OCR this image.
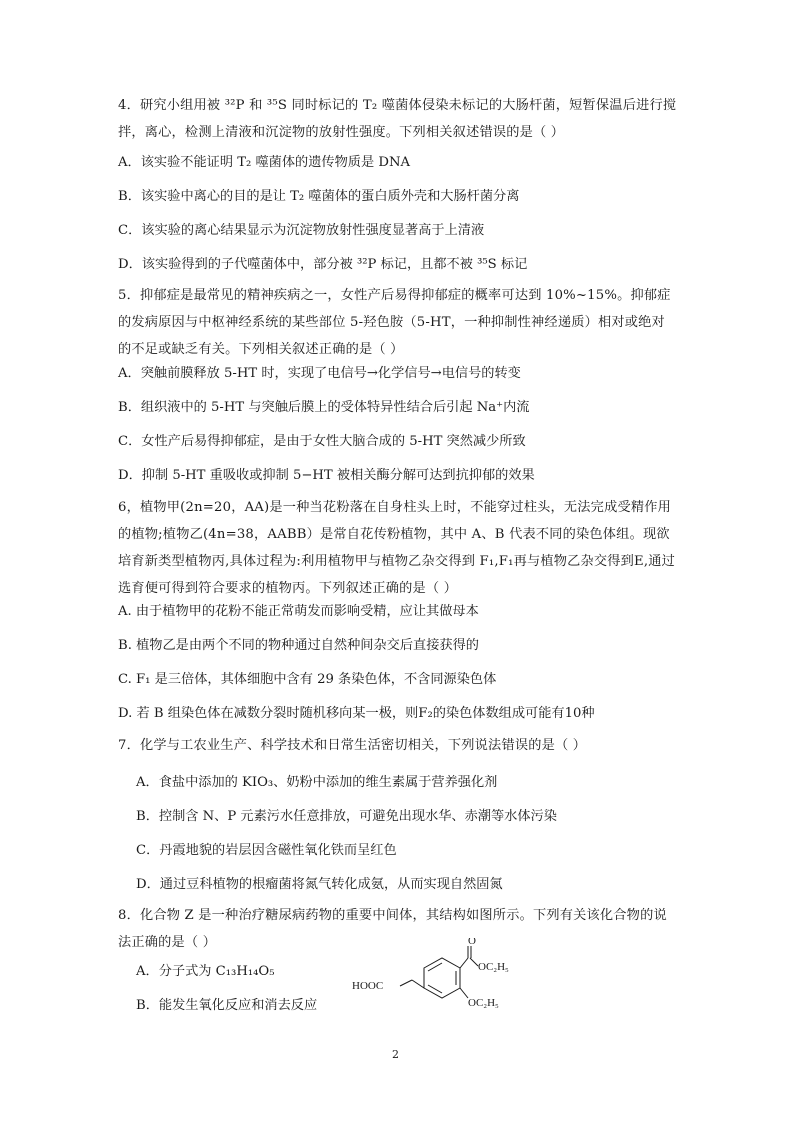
4．研究小组用被 ³²P 和 ³⁵S 同时标记的 T₂ 噬菌体侵染未标记的大肠杆菌，短暂保温后进行搅拌，离心，检测上清液和沉淀物的放射性强度。下列相关叙述错误的是（ ）
A．该实验不能证明 T₂ 噬菌体的遗传物质是 DNA
B．该实验中离心的目的是让 T₂ 噬菌体的蛋白质外壳和大肠杆菌分离
C．该实验的离心结果显示为沉淀物放射性强度显著高于上清液
D．该实验得到的子代噬菌体中，部分被 ³²P 标记，且都不被 ³⁵S 标记
5．抑郁症是最常见的精神疾病之一，女性产后易得抑郁症的概率可达到 10%~15%。抑郁症的发病原因与中枢神经系统的某些部位 5-羟色胺（5-HT，一种抑制性神经递质）相对或绝对的不足或缺乏有关。下列相关叙述正确的是（ ）
A．突触前膜释放 5-HT 时，实现了电信号→化学信号→电信号的转变
B．组织液中的 5-HT 与突触后膜上的受体特异性结合后引起 Na⁺内流
C．女性产后易得抑郁症，是由于女性大脑合成的 5-HT 突然减少所致
D．抑制 5-HT 重吸收或抑制 5−HT 被相关酶分解可达到抗抑郁的效果
6，植物甲(2n=20，AA)是一种当花粉落在自身柱头上时，不能穿过柱头，无法完成受精作用的植物;植物乙(4n=38，AABB）是常自花传粉植物，其中 A、B 代表不同的染色体组。现欲培育新类型植物丙,具体过程为:利用植物甲与植物乙杂交得到 F₁,F₁再与植物乙杂交得到E,通过选育便可得到符合要求的植物丙。下列叙述正确的是（ ）
A. 由于植物甲的花粉不能正常萌发而影响受精，应让其做母本
B. 植物乙是由两个不同的物种通过自然种间杂交后直接获得的
C. F₁ 是三倍体，其体细胞中含有 29 条染色体，不含同源染色体
D. 若 B 组染色体在减数分裂时随机移向某一极，则F₂的染色体数组成可能有10种
7．化学与工农业生产、科学技术和日常生活密切相关，下列说法错误的是（ ）
A．食盐中添加的 KIO₃、奶粉中添加的维生素属于营养强化剂
B．控制含 N、P 元素污水任意排放，可避免出现水华、赤潮等水体污染
C．丹霞地貌的岩层因含磁性氧化铁而呈红色
D．通过豆科植物的根瘤菌将氮气转化成氨，从而实现自然固氮
8．化合物 Z 是一种治疗糖尿病药物的重要中间体，其结构如图所示。下列有关该化合物的说法正确的是（ ）
A．分子式为 C₁₃H₁₄O₅
B．能发生氧化反应和消去反应
O
HOOC
OC₂H₅
OC₂H₅
2
